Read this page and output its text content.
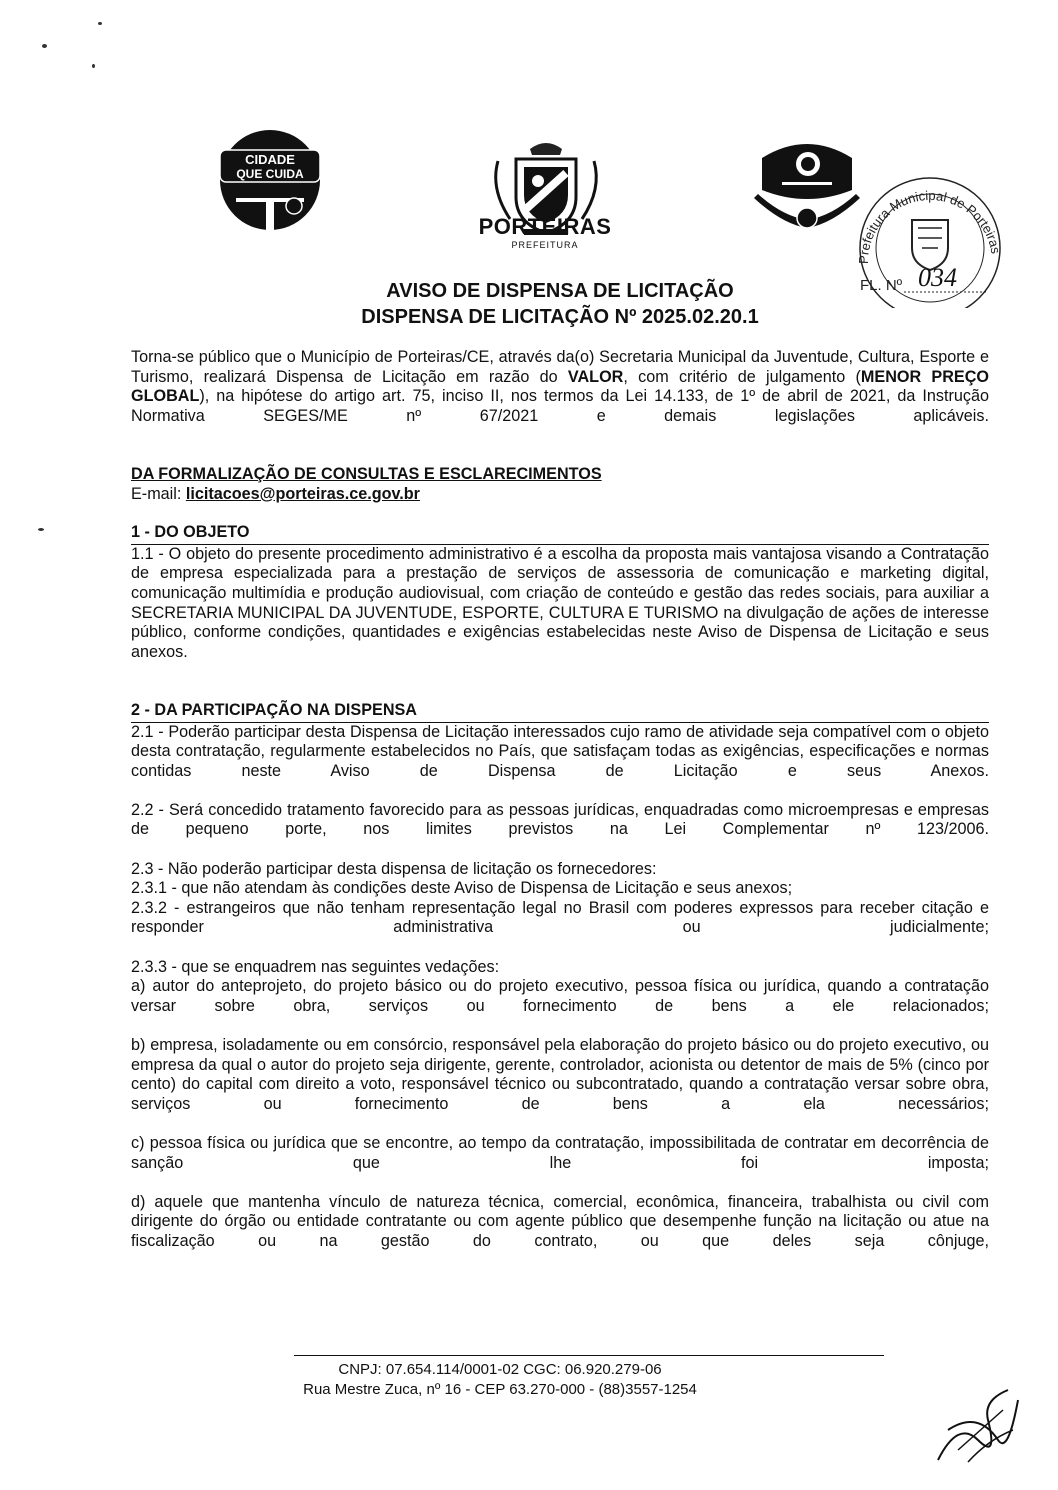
CIDADE
QUE CUIDA
PORTEIRAS
PREFEITURA
Prefeitura Municipal de Porteiras
FL. Nº 034
AVISO DE DISPENSA DE LICITAÇÃO
DISPENSA DE LICITAÇÃO Nº 2025.02.20.1

Torna-se público que o Município de Porteiras/CE, através da(o) Secretaria Municipal da Juventude, Cultura, Esporte e Turismo, realizará Dispensa de Licitação em razão do VALOR, com critério de julgamento (MENOR PREÇO GLOBAL), na hipótese do artigo art. 75, inciso II, nos termos da Lei 14.133, de 1º de abril de 2021, da Instrução Normativa SEGES/ME nº 67/2021 e demais legislações aplicáveis.

DA FORMALIZAÇÃO DE CONSULTAS E ESCLARECIMENTOS

E-mail: licitacoes@porteiras.ce.gov.br

1 - DO OBJETO

1.1 - O objeto do presente procedimento administrativo é a escolha da proposta mais vantajosa visando a Contratação de empresa especializada para a prestação de serviços de assessoria de comunicação e marketing digital, comunicação multimídia e produção audiovisual, com criação de conteúdo e gestão das redes sociais, para auxiliar a SECRETARIA MUNICIPAL DA JUVENTUDE, ESPORTE, CULTURA E TURISMO na divulgação de ações de interesse público, conforme condições, quantidades e exigências estabelecidas neste Aviso de Dispensa de Licitação e seus anexos.

2 - DA PARTICIPAÇÃO NA DISPENSA

2.1 - Poderão participar desta Dispensa de Licitação interessados cujo ramo de atividade seja compatível com o objeto desta contratação, regularmente estabelecidos no País, que satisfaçam todas as exigências, especificações e normas contidas neste Aviso de Dispensa de Licitação e seus Anexos.

2.2 - Será concedido tratamento favorecido para as pessoas jurídicas, enquadradas como microempresas e empresas de pequeno porte, nos limites previstos na Lei Complementar nº 123/2006.

2.3 - Não poderão participar desta dispensa de licitação os fornecedores:

2.3.1 - que não atendam às condições deste Aviso de Dispensa de Licitação e seus anexos;

2.3.2 - estrangeiros que não tenham representação legal no Brasil com poderes expressos para receber citação e responder administrativa ou judicialmente;

2.3.3 - que se enquadrem nas seguintes vedações:

a) autor do anteprojeto, do projeto básico ou do projeto executivo, pessoa física ou jurídica, quando a contratação versar sobre obra, serviços ou fornecimento de bens a ele relacionados;

b) empresa, isoladamente ou em consórcio, responsável pela elaboração do projeto básico ou do projeto executivo, ou empresa da qual o autor do projeto seja dirigente, gerente, controlador, acionista ou detentor de mais de 5% (cinco por cento) do capital com direito a voto, responsável técnico ou subcontratado, quando a contratação versar sobre obra, serviços ou fornecimento de bens a ela necessários;

c) pessoa física ou jurídica que se encontre, ao tempo da contratação, impossibilitada de contratar em decorrência de sanção que lhe foi imposta;

d) aquele que mantenha vínculo de natureza técnica, comercial, econômica, financeira, trabalhista ou civil com dirigente do órgão ou entidade contratante ou com agente público que desempenhe função na licitação ou atue na fiscalização ou na gestão do contrato, ou que deles seja cônjuge,

CNPJ: 07.654.114/0001-02 CGC: 06.920.279-06
Rua Mestre Zuca, nº 16 - CEP 63.270-000 - (88)3557-1254
